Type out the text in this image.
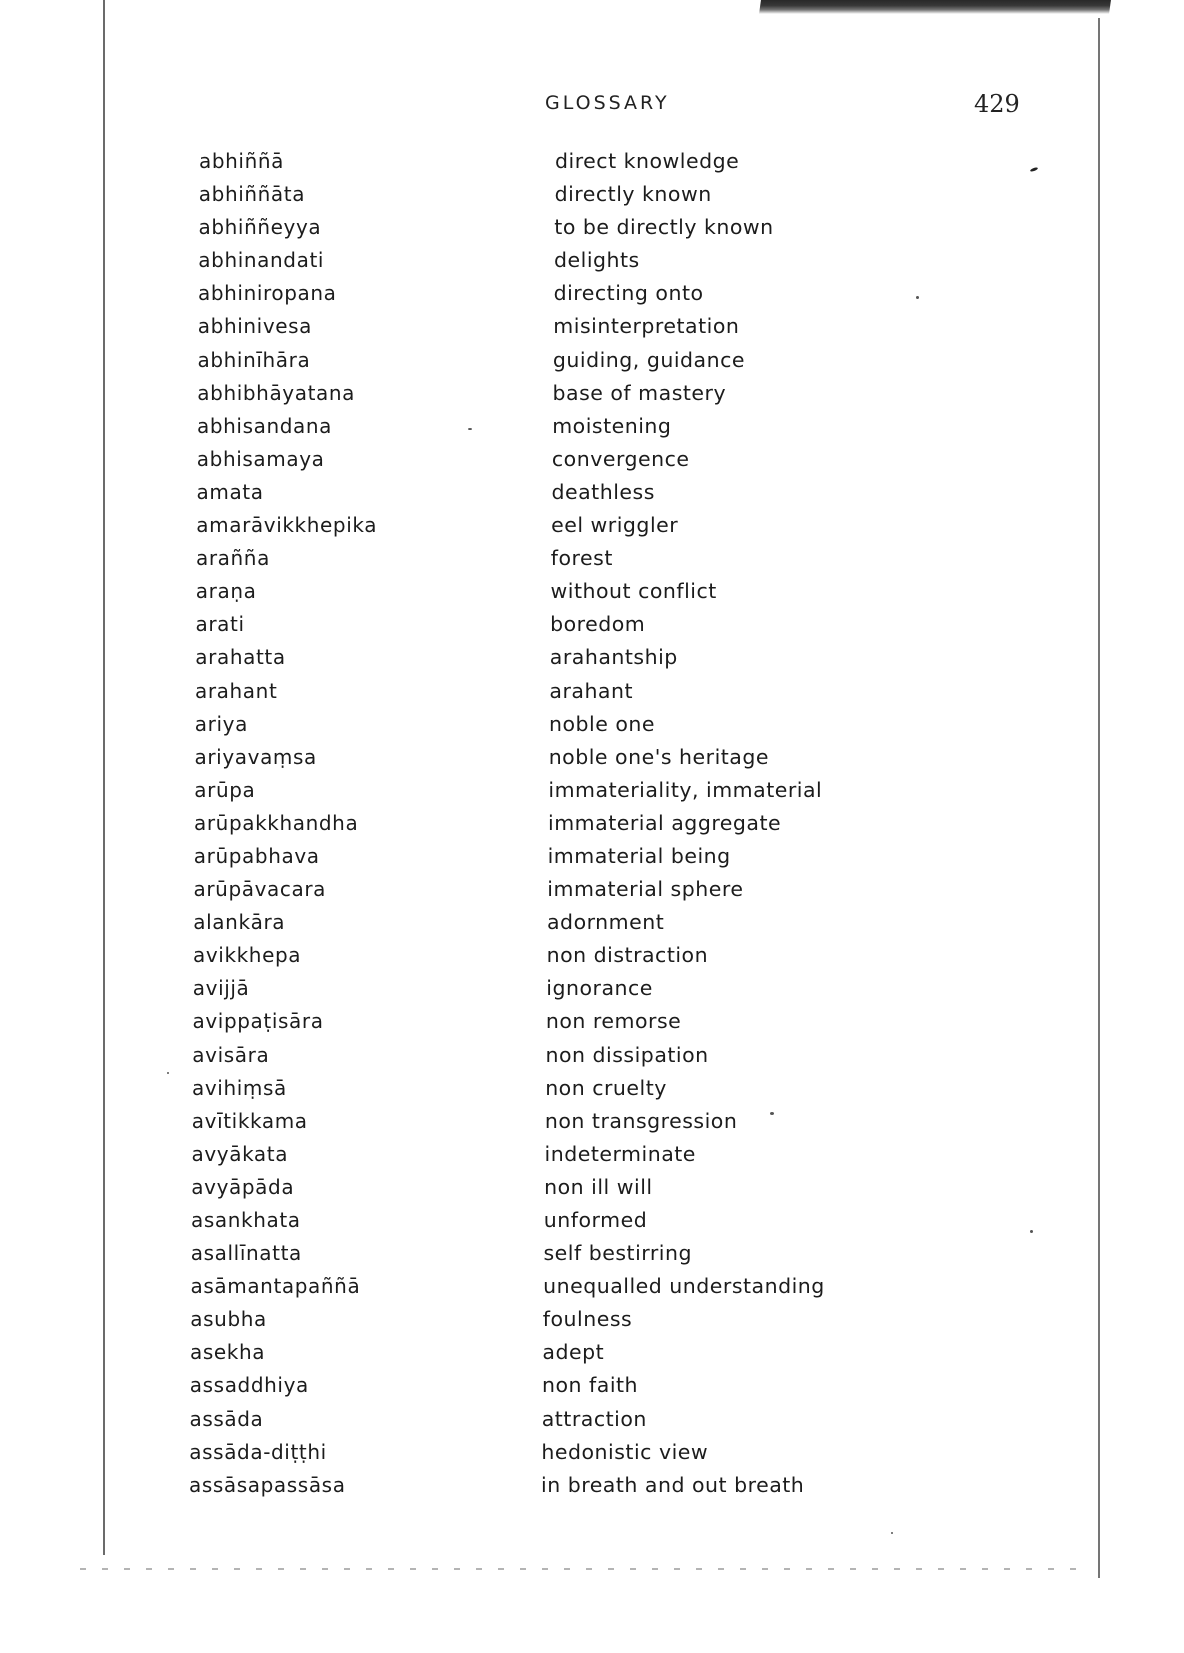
GLOSSARY	429
abhiññā	direct knowledge
abhiññāta	directly known
abhiññeyya	to be directly known
abhinandati	delights
abhiniropana	directing onto
abhinivesa	misinterpretation
abhinīhāra	guiding, guidance
abhibhāyatana	base of mastery
abhisandana	moistening
abhisamaya	convergence
amata	deathless
amarāvikkhepika	eel wriggler
arañña	forest
araṇa	without conflict
arati	boredom
arahatta	arahantship
arahant	arahant
ariya	noble one
ariyavaṃsa	noble one's heritage
arūpa	immateriality, immaterial
arūpakkhandha	immaterial aggregate
arūpabhava	immaterial being
arūpāvacara	immaterial sphere
alankāra	adornment
avikkhepa	non distraction
avijjā	ignorance
avippaṭisāra	non remorse
avisāra	non dissipation
avihiṃsā	non cruelty
avītikkama	non transgression
avyākata	indeterminate
avyāpāda	non ill will
asankhata	unformed
asallīnatta	self bestirring
asāmantapaññā	unequalled understanding
asubha	foulness
asekha	adept
assaddhiya	non faith
assāda	attraction
assāda-diṭṭhi	hedonistic view
assāsapassāsa	in breath and out breath
